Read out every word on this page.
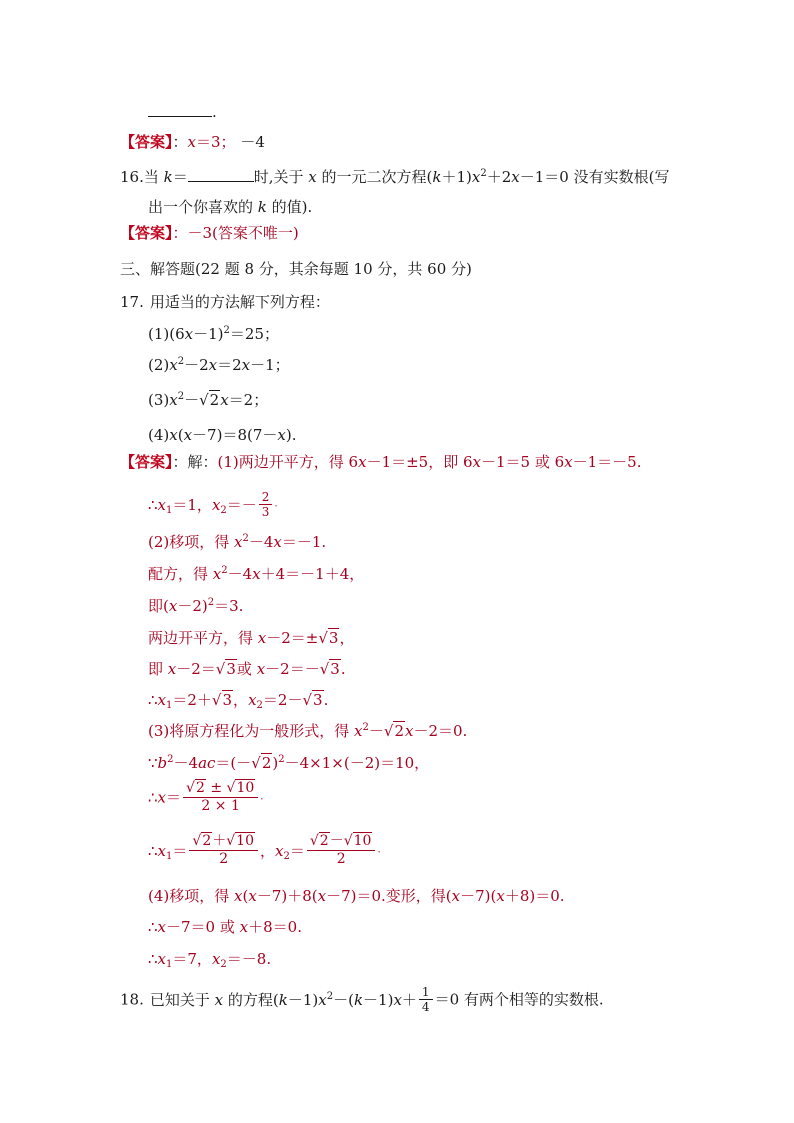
.
【答案】：x＝3； －4
16.当 k＝	时,关于 x 的一元二次方程$(k+1)x^2+2x-1=0$ 没有实数根(写
出一个你喜欢的 k 的值).
【答案】：－3(答案不唯一)
三、解答题(22 题 8 分，其余每题 10 分，共 60 分)
17. 用适当的方法解下列方程：
$(1)(6x-1)^2=25$；
$(2)x^2-2x=2x-1$；
$(3)x^2-√2x=2$；
(4)x(x－7)＝8(7－x).
【答案】：解：(1)两边开平方，得 6x－1＝±5，即 6x－1＝5 或 6x－1＝－5.
$\therefore x_1=1$，$x_2=- \frac{2}{3}$ .
(2)移项，得 $x^2-4x=-1$.
配方，得 $x^2-4x+4=-1+4$，
即$(x-2)^2=3$.
两边开平方，得 x－2＝±√3，
即 x－2＝√3或 x－2＝－√3.
$\therefore x_1=2+√3$，$x_2=2-√3$.
(3)将原方程化为一般形式，得 $x^2-√2x-2=0$.
$\because b^2-4ac=(-√2)^2-4\times 1\times(-2)=10$，
∴x＝ $\frac{√2 \pm √10}{2 \times 1}$ .
$\therefore x_1= \frac{√2+√10}{2}$ ，$x_2= \frac{√2-√10}{2}$ .
(4)移项，得 x(x－7)＋8(x－7)＝0.变形，得(x－7)(x＋8)＝0.
∴x－7＝0 或 x＋8＝0.
$\therefore x_1=7$，$x_2=-8$.
18. 已知关于 x 的方程$(k-1)x^2-(k-1)x+ \frac{1}{4} =0$ 有两个相等的实数根.
